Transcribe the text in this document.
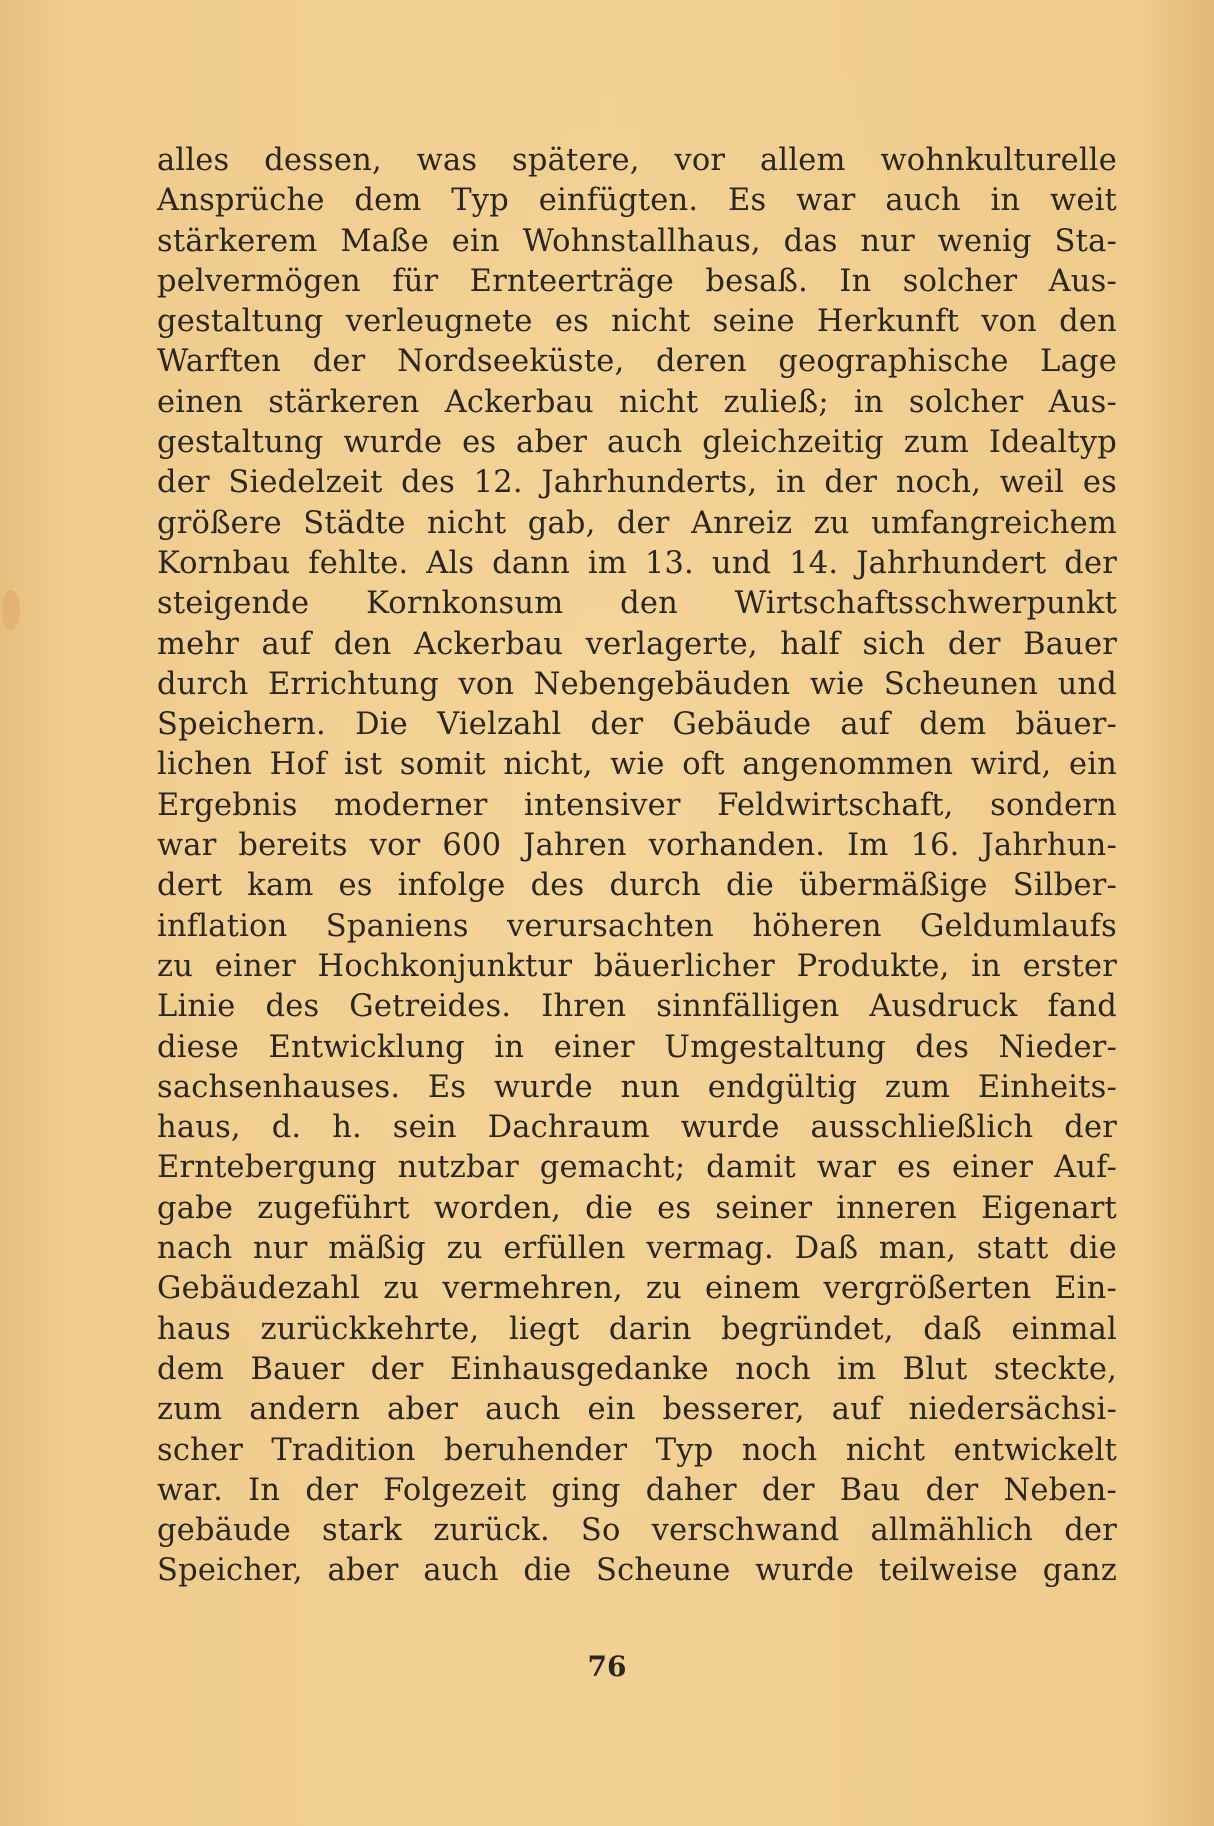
alles dessen, was spätere, vor allem wohnkulturelle
Ansprüche dem Typ einfügten. Es war auch in weit
stärkerem Maße ein Wohnstallhaus, das nur wenig Sta-
pelvermögen für Ernteerträge besaß. In solcher Aus-
gestaltung verleugnete es nicht seine Herkunft von den
Warften der Nordseeküste, deren geographische Lage
einen stärkeren Ackerbau nicht zuließ; in solcher Aus-
gestaltung wurde es aber auch gleichzeitig zum Idealtyp
der Siedelzeit des 12. Jahrhunderts, in der noch, weil es
größere Städte nicht gab, der Anreiz zu umfangreichem
Kornbau fehlte. Als dann im 13. und 14. Jahrhundert der
steigende Kornkonsum den Wirtschaftsschwerpunkt
mehr auf den Ackerbau verlagerte, half sich der Bauer
durch Errichtung von Nebengebäuden wie Scheunen und
Speichern. Die Vielzahl der Gebäude auf dem bäuer-
lichen Hof ist somit nicht, wie oft angenommen wird, ein
Ergebnis moderner intensiver Feldwirtschaft, sondern
war bereits vor 600 Jahren vorhanden. Im 16. Jahrhun-
dert kam es infolge des durch die übermäßige Silber-
inflation Spaniens verursachten höheren Geldumlaufs
zu einer Hochkonjunktur bäuerlicher Produkte, in erster
Linie des Getreides. Ihren sinnfälligen Ausdruck fand
diese Entwicklung in einer Umgestaltung des Nieder-
sachsenhauses. Es wurde nun endgültig zum Einheits-
haus, d. h. sein Dachraum wurde ausschließlich der
Erntebergung nutzbar gemacht; damit war es einer Auf-
gabe zugeführt worden, die es seiner inneren Eigenart
nach nur mäßig zu erfüllen vermag. Daß man, statt die
Gebäudezahl zu vermehren, zu einem vergrößerten Ein-
haus zurückkehrte, liegt darin begründet, daß einmal
dem Bauer der Einhausgedanke noch im Blut steckte,
zum andern aber auch ein besserer, auf niedersächsi-
scher Tradition beruhender Typ noch nicht entwickelt
war. In der Folgezeit ging daher der Bau der Neben-
gebäude stark zurück. So verschwand allmählich der
Speicher, aber auch die Scheune wurde teilweise ganz
76
